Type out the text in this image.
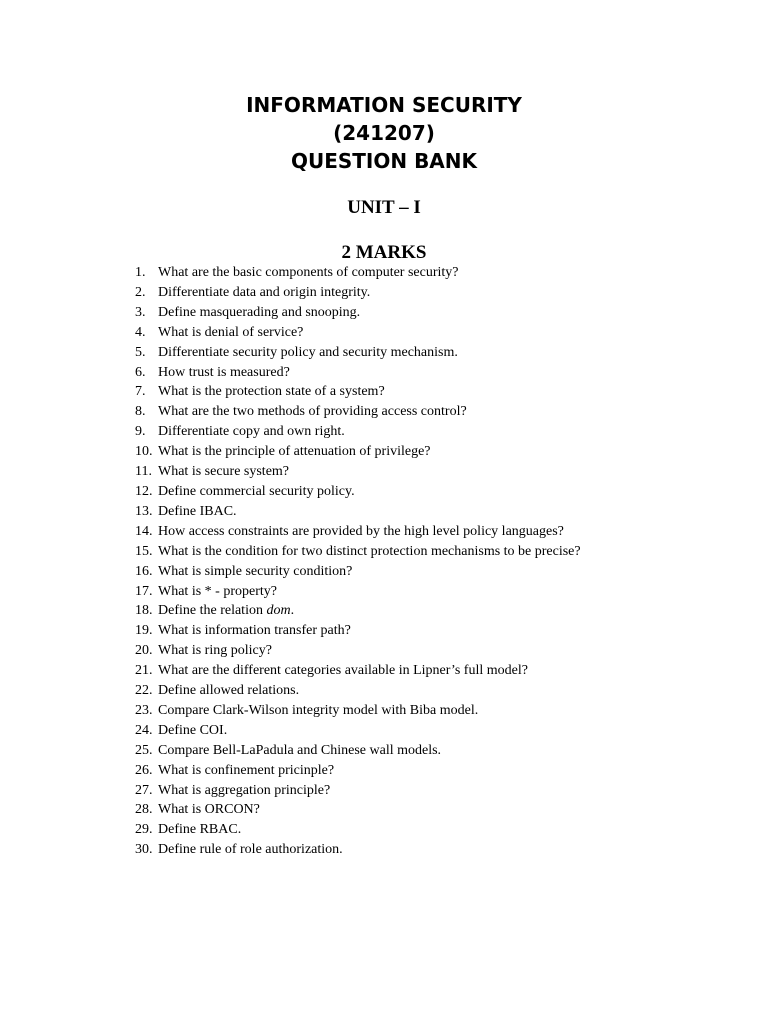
INFORMATION SECURITY
(241207)
QUESTION BANK
UNIT – I
2 MARKS
1. What are the basic components of computer security?
2. Differentiate data and origin integrity.
3. Define masquerading and snooping.
4. What is denial of service?
5. Differentiate security policy and security mechanism.
6. How trust is measured?
7. What is the protection state of a system?
8. What are the two methods of providing access control?
9. Differentiate copy and own right.
10. What is the principle of attenuation of privilege?
11. What is secure system?
12. Define commercial security policy.
13. Define IBAC.
14. How access constraints are provided by the high level policy languages?
15. What is the condition for two distinct protection mechanisms to be precise?
16. What is simple security condition?
17. What is * - property?
18. Define the relation dom.
19. What is information transfer path?
20. What is ring policy?
21. What are the different categories available in Lipner’s full model?
22. Define allowed relations.
23. Compare Clark-Wilson integrity model with Biba model.
24. Define COI.
25. Compare Bell-LaPadula and Chinese wall models.
26. What is confinement pricinple?
27. What is aggregation principle?
28. What is ORCON?
29. Define RBAC.
30. Define rule of role authorization.
